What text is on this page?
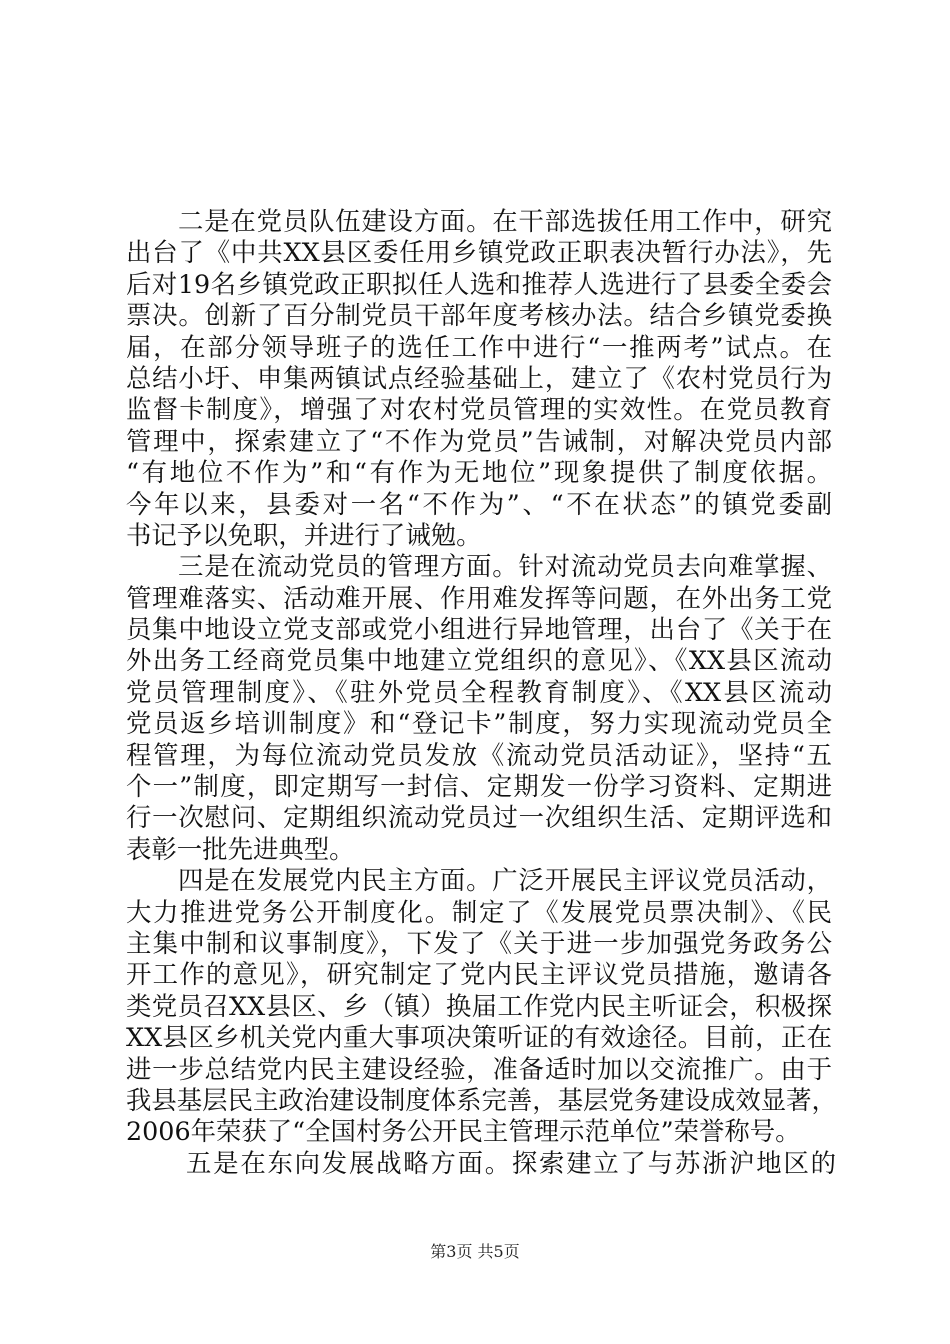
二是在党员队伍建设方面。在干部选拔任用工作中，研究
出台了《中共XX县区委任用乡镇党政正职表决暂行办法》，先
后对19名乡镇党政正职拟任人选和推荐人选进行了县委全委会
票决。创新了百分制党员干部年度考核办法。结合乡镇党委换
届，在部分领导班子的选任工作中进行“一推两考”试点。在
总结小圩、申集两镇试点经验基础上，建立了《农村党员行为
监督卡制度》，增强了对农村党员管理的实效性。在党员教育
管理中，探索建立了“不作为党员”告诫制，对解决党员内部
“有地位不作为”和“有作为无地位”现象提供了制度依据。
今年以来，县委对一名“不作为”、“不在状态”的镇党委副
书记予以免职，并进行了诫勉。
三是在流动党员的管理方面。针对流动党员去向难掌握、
管理难落实、活动难开展、作用难发挥等问题，在外出务工党
员集中地设立党支部或党小组进行异地管理，出台了《关于在
外出务工经商党员集中地建立党组织的意见》、《XX县区流动
党员管理制度》、《驻外党员全程教育制度》、《XX县区流动
党员返乡培训制度》和“登记卡”制度，努力实现流动党员全
程管理，为每位流动党员发放《流动党员活动证》，坚持“五
个一”制度，即定期写一封信、定期发一份学习资料、定期进
行一次慰问、定期组织流动党员过一次组织生活、定期评选和
表彰一批先进典型。
四是在发展党内民主方面。广泛开展民主评议党员活动，
大力推进党务公开制度化。制定了《发展党员票决制》、《民
主集中制和议事制度》，下发了《关于进一步加强党务政务公
开工作的意见》，研究制定了党内民主评议党员措施，邀请各
类党员召XX县区、乡（镇）换届工作党内民主听证会，积极探
XX县区乡机关党内重大事项决策听证的有效途径。目前，正在
进一步总结党内民主建设经验，准备适时加以交流推广。由于
我县基层民主政治建设制度体系完善，基层党务建设成效显著，
2006年荣获了“全国村务公开民主管理示范单位”荣誉称号。
五是在东向发展战略方面。探索建立了与苏浙沪地区的
第3页 共5页
